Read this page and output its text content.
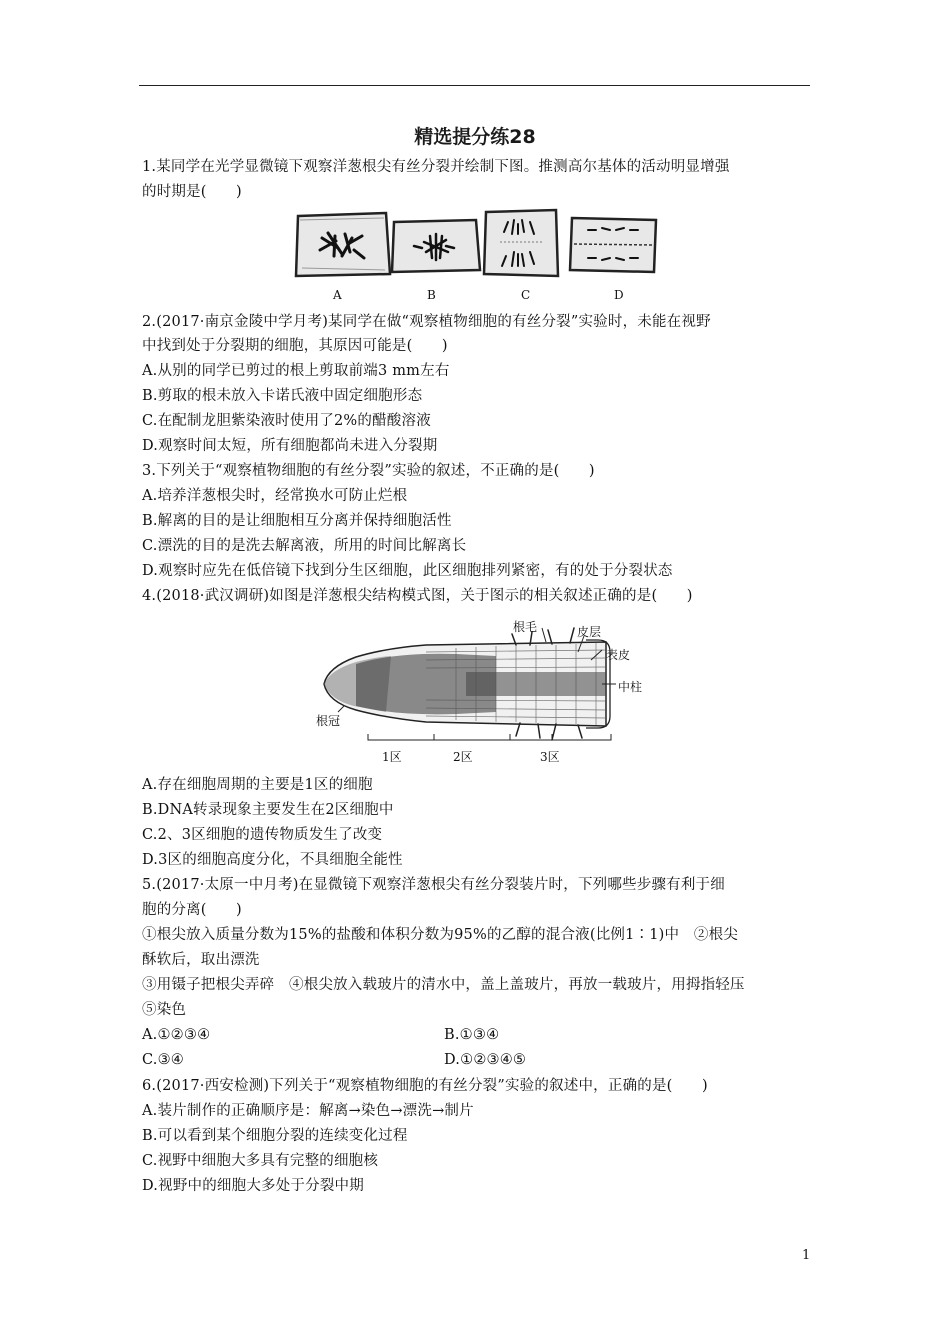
精选提分练28
1.某同学在光学显微镜下观察洋葱根尖有丝分裂并绘制下图。推测高尔基体的活动明显增强
的时期是(　　)
A	B	C	D
2.(2017·南京金陵中学月考)某同学在做“观察植物细胞的有丝分裂”实验时，未能在视野
中找到处于分裂期的细胞，其原因可能是(　　)
A.从别的同学已剪过的根上剪取前端3 mm左右
B.剪取的根未放入卡诺氏液中固定细胞形态
C.在配制龙胆紫染液时使用了2%的醋酸溶液
D.观察时间太短，所有细胞都尚未进入分裂期
3.下列关于“观察植物细胞的有丝分裂”实验的叙述，不正确的是(　　)
A.培养洋葱根尖时，经常换水可防止烂根
B.解离的目的是让细胞相互分离并保持细胞活性
C.漂洗的目的是洗去解离液，所用的时间比解离长
D.观察时应先在低倍镜下找到分生区细胞，此区细胞排列紧密，有的处于分裂状态
4.(2018·武汉调研)如图是洋葱根尖结构模式图，关于图示的相关叙述正确的是(　　)
根毛	皮层
表皮
中柱
根冠
1区	2区	3区
A.存在细胞周期的主要是1区的细胞
B.DNA转录现象主要发生在2区细胞中
C.2、3区细胞的遗传物质发生了改变
D.3区的细胞高度分化，不具细胞全能性
5.(2017·太原一中月考)在显微镜下观察洋葱根尖有丝分裂装片时，下列哪些步骤有利于细
胞的分离(　　)
①根尖放入质量分数为15%的盐酸和体积分数为95%的乙醇的混合液(比例1∶1)中　②根尖
酥软后，取出漂洗
③用镊子把根尖弄碎　④根尖放入载玻片的清水中，盖上盖玻片，再放一载玻片，用拇指轻压
⑤染色
A.①②③④	B.①③④
C.③④	D.①②③④⑤
6.(2017·西安检测)下列关于“观察植物细胞的有丝分裂”实验的叙述中，正确的是(　　)
A.装片制作的正确顺序是：解离→染色→漂洗→制片
B.可以看到某个细胞分裂的连续变化过程
C.视野中细胞大多具有完整的细胞核
D.视野中的细胞大多处于分裂中期
1
